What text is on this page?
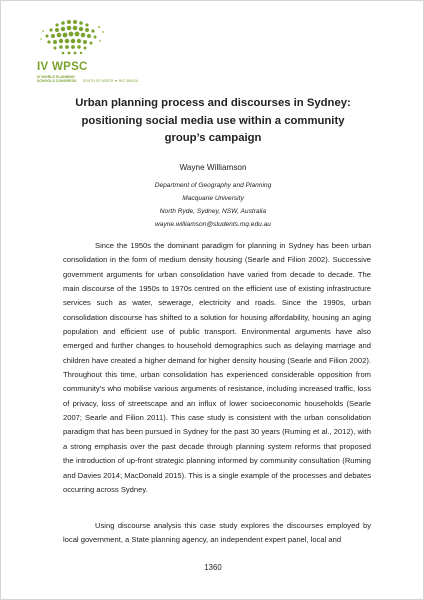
IV WPSC
IV WORLD PLANNING
SCHOOLS CONGRESS SOUTH OF NORTH ▼ RIO, BRAZIL
Urban planning process and discourses in Sydney: positioning social media use within a community group’s campaign
Wayne Williamson
Department of Geography and Planning
Macquarie University
North Ryde, Sydney, NSW, Australia
wayne.williamson@students.mq.edu.au
Since the 1950s the dominant paradigm for planning in Sydney has been urban consolidation in the form of medium density housing (Searle and Filion 2002). Successive government arguments for urban consolidation have varied from decade to decade. The main discourse of the 1950s to 1970s centred on the efficient use of existing infrastructure services such as water, sewerage, electricity and roads. Since the 1990s, urban consolidation discourse has shifted to a solution for housing affordability, housing an aging population and efficient use of public transport. Environmental arguments have also emerged and further changes to household demographics such as delaying marriage and children have created a higher demand for higher density housing (Searle and Filion 2002). Throughout this time, urban consolidation has experienced considerable opposition from community’s who mobilise various arguments of resistance, including increased traffic, loss of privacy, loss of streetscape and an influx of lower socioeconomic households (Searle 2007; Searle and Filion 2011). This case study is consistent with the urban consolidation paradigm that has been pursued in Sydney for the past 30 years (Ruming et al., 2012), with a strong emphasis over the past decade through planning system reforms that proposed the introduction of up-front strategic planning informed by community consultation (Ruming and Davies 2014; MacDonald 2015). This is a single example of the processes and debates occurring across Sydney.
Using discourse analysis this case study explores the discourses employed by local government, a State planning agency, an independent expert panel, local and
1360
